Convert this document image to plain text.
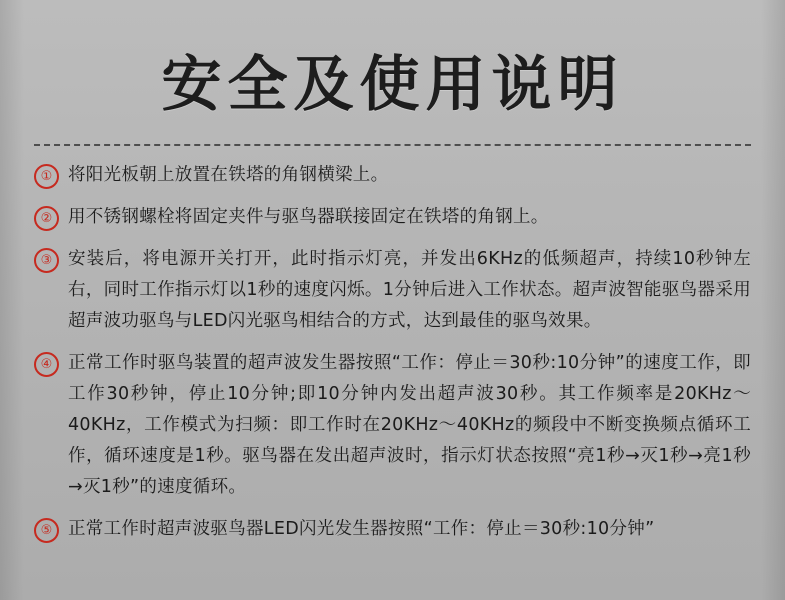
安全及使用说明
① 将阳光板朝上放置在铁塔的角钢横梁上。
② 用不锈钢螺栓将固定夹件与驱鸟器联接固定在铁塔的角钢上。
③ 安装后，将电源开关打开，此时指示灯亮，并发出6KHz的低频超声，持续10秒钟左右，同时工作指示灯以1秒的速度闪烁。1分钟后进入工作状态。超声波智能驱鸟器采用超声波功驱鸟与LED闪光驱鸟相结合的方式，达到最佳的驱鸟效果。
④ 正常工作时驱鸟装置的超声波发生器按照“工作：停止＝30秒:10分钟”的速度工作，即工作30秒钟，停止10分钟;即10分钟内发出超声波30秒。其工作频率是20KHz～40KHz，工作模式为扫频：即工作时在20KHz～40KHz的频段中不断变换频点循环工作，循环速度是1秒。驱鸟器在发出超声波时，指示灯状态按照“亮1秒→灭1秒→亮1秒→灭1秒”的速度循环。
⑤ 正常工作时超声波驱鸟器LED闪光发生器按照“工作：停止＝30秒:10分钟”
